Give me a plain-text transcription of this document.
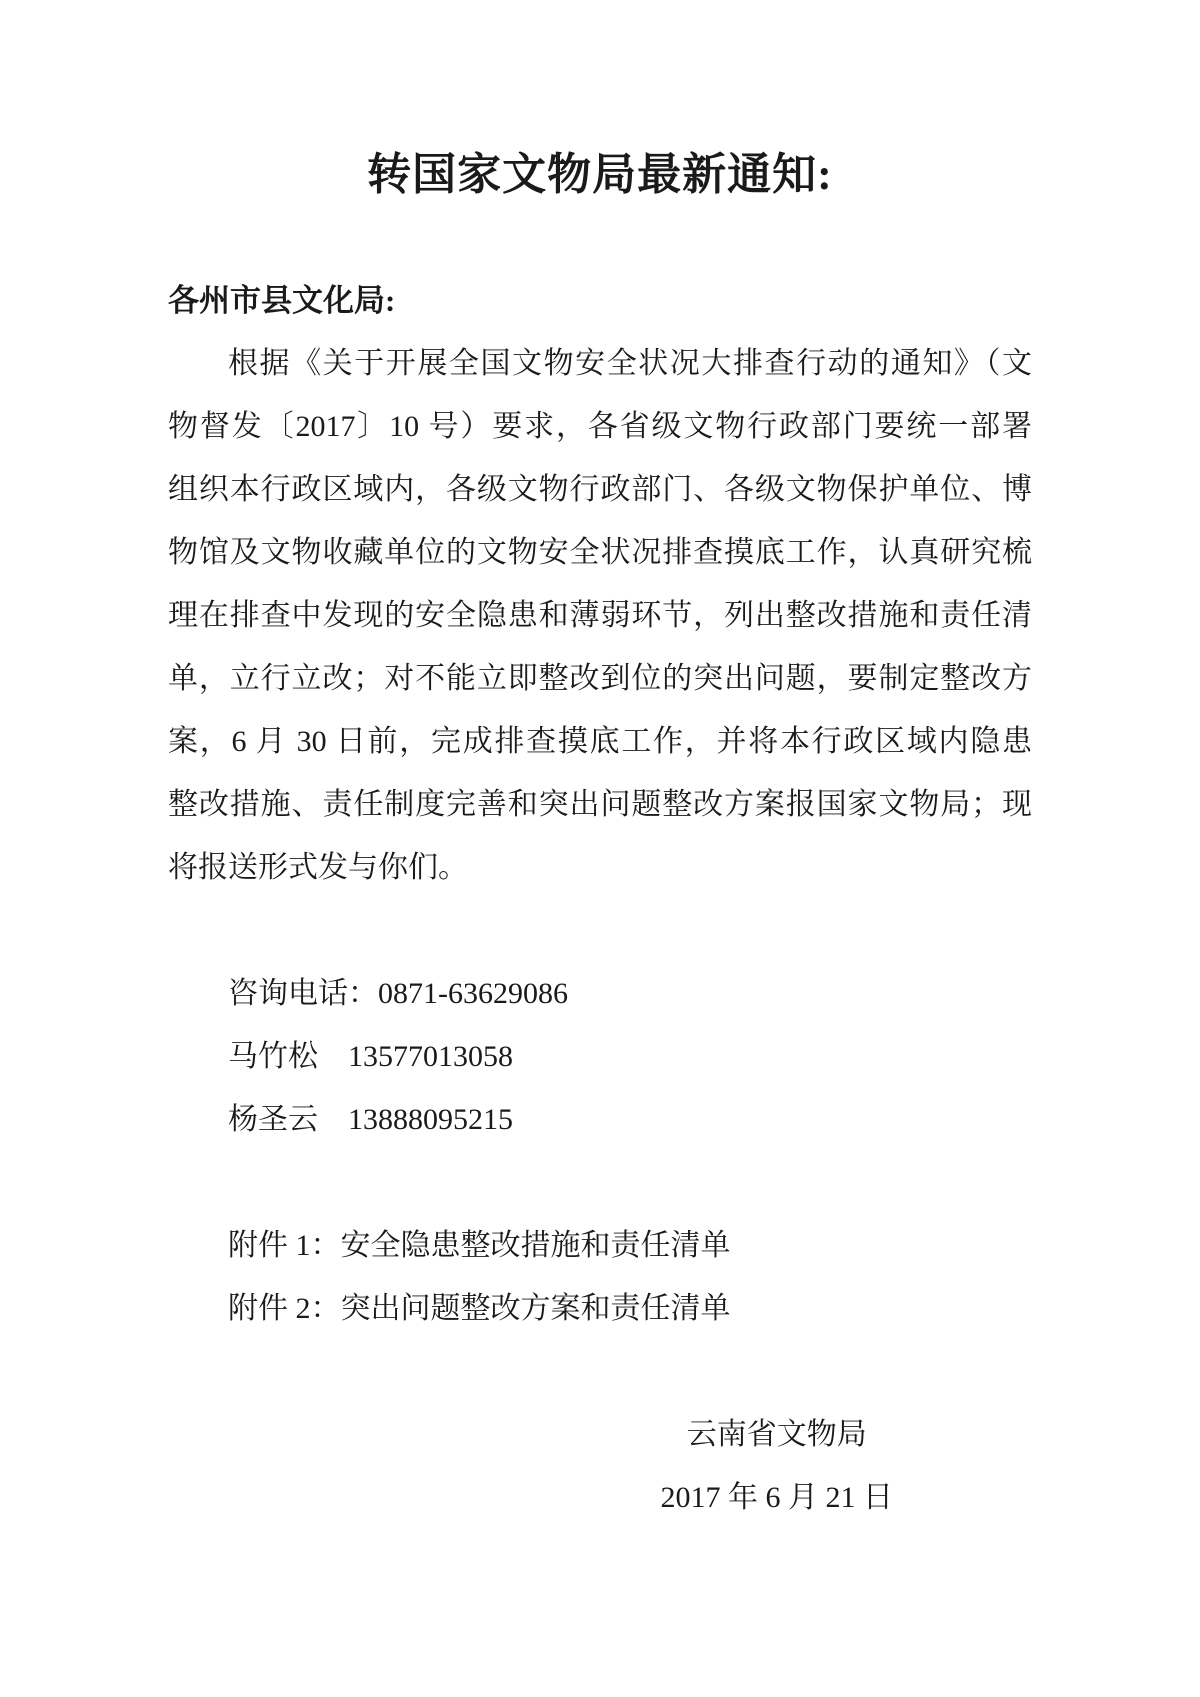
转国家文物局最新通知:
各州市县文化局:
根据《关于开展全国文物安全状况大排查行动的通知》（文
物督发〔2017〕10 号）要求，各省级文物行政部门要统一部署
组织本行政区域内，各级文物行政部门、各级文物保护单位、博
物馆及文物收藏单位的文物安全状况排查摸底工作，认真研究梳
理在排查中发现的安全隐患和薄弱环节，列出整改措施和责任清
单，立行立改；对不能立即整改到位的突出问题，要制定整改方
案，6 月 30 日前，完成排查摸底工作，并将本行政区域内隐患
整改措施、责任制度完善和突出问题整改方案报国家文物局；现
将报送形式发与你们。
咨询电话：0871-63629086
马竹松　13577013058
杨圣云　13888095215
附件 1：安全隐患整改措施和责任清单
附件 2：突出问题整改方案和责任清单
云南省文物局
2017 年 6 月 21 日
